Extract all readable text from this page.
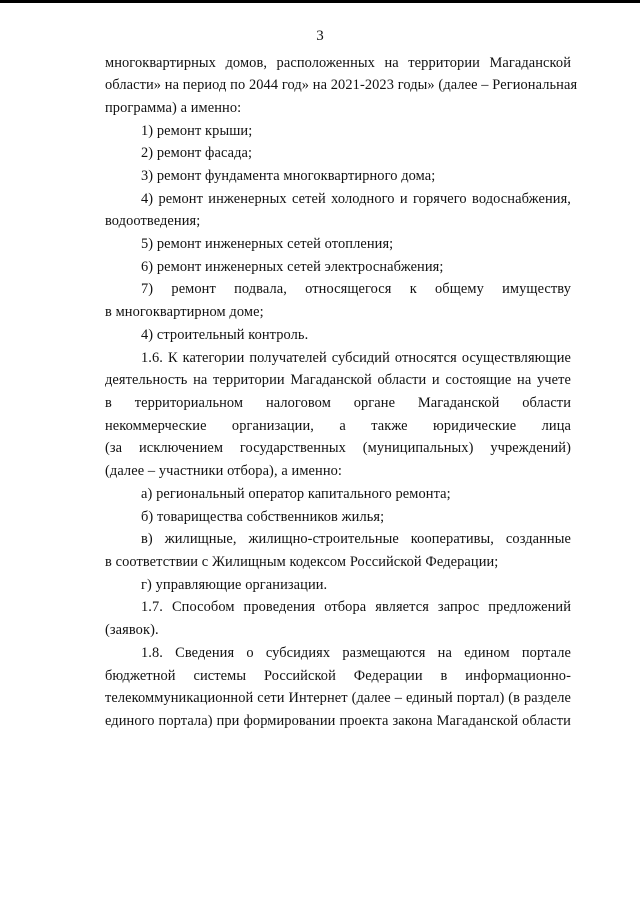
3
многоквартирных домов, расположенных на территории Магаданской
области» на период по 2044 год» на 2021-2023 годы» (далее – Региональная
программа) а именно:
1) ремонт крыши;
2) ремонт фасада;
3) ремонт фундамента многоквартирного дома;
4) ремонт инженерных сетей холодного и горячего водоснабжения,
водоотведения;
5) ремонт инженерных сетей отопления;
6) ремонт инженерных сетей электроснабжения;
7) ремонт подвала, относящегося к общему имуществу
в многоквартирном доме;
4) строительный контроль.
1.6. К категории получателей субсидий относятся осуществляющие
деятельность на территории Магаданской области и состоящие на учете
в территориальном налоговом органе Магаданской области
некоммерческие организации, а также юридические лица
(за исключением государственных (муниципальных) учреждений)
(далее – участники отбора), а именно:
а) региональный оператор капитального ремонта;
б) товарищества собственников жилья;
в) жилищные, жилищно-строительные кооперативы, созданные
в соответствии с Жилищным кодексом Российской Федерации;
г) управляющие организации.
1.7. Способом проведения отбора является запрос предложений
(заявок).
1.8. Сведения о субсидиях размещаются на едином портале
бюджетной системы Российской Федерации в информационно-
телекоммуникационной сети Интернет (далее – единый портал) (в разделе
единого портала) при формировании проекта закона Магаданской области
